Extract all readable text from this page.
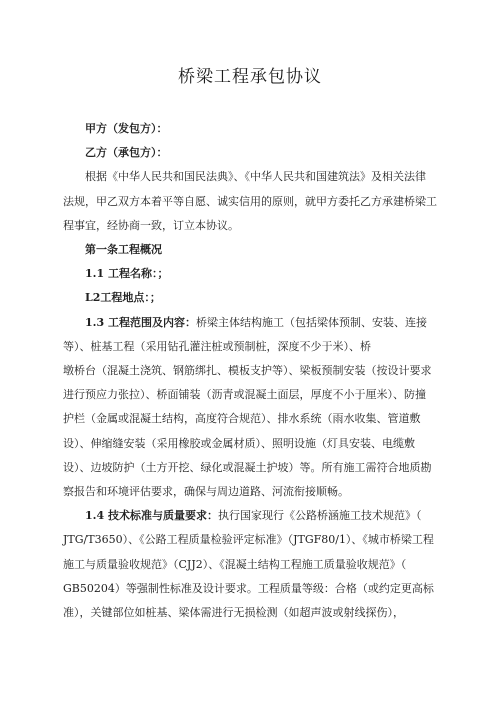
桥梁工程承包协议

甲方（发包方）：

乙方（承包方）：

根据《中华人民共和国民法典》、《中华人民共和国建筑法》及相关法律

法规，甲乙双方本着平等自愿、诚实信用的原则，就甲方委托乙方承建桥梁工

程事宜，经协商一致，订立本协议。

第一条工程概况

1.1 工程名称：；

L2工程地点：；

1.3 工程范围及内容：桥梁主体结构施工（包括梁体预制、安装、连接

等）、桩基工程（采用钻孔灌注桩或预制桩，深度不少于米）、桥

墩桥台（混凝土浇筑、钢筋绑扎、模板支护等）、梁板预制安装（按设计要求

进行预应力张拉）、桥面铺装（沥青或混凝土面层，厚度不小于厘米）、防撞

护栏（金属或混凝土结构，高度符合规范）、排水系统（雨水收集、管道敷

设）、伸缩缝安装（采用橡胶或金属材质）、照明设施（灯具安装、电缆敷

设）、边坡防护（土方开挖、绿化或混凝土护坡）等。所有施工需符合地质勘

察报告和环境评估要求，确保与周边道路、河流衔接顺畅。

1.4 技术标准与质量要求：执行国家现行《公路桥涵施工技术规范》（

JTG/T3650）、《公路工程质量检验评定标准》（JTGF80/1）、《城市桥梁工程

施工与质量验收规范》（CJJ2）、《混凝土结构工程施工质量验收规范》（

GB50204）等强制性标准及设计要求。工程质量等级：合格（或约定更高标

准），关键部位如桩基、梁体需进行无损检测（如超声波或射线探伤），
